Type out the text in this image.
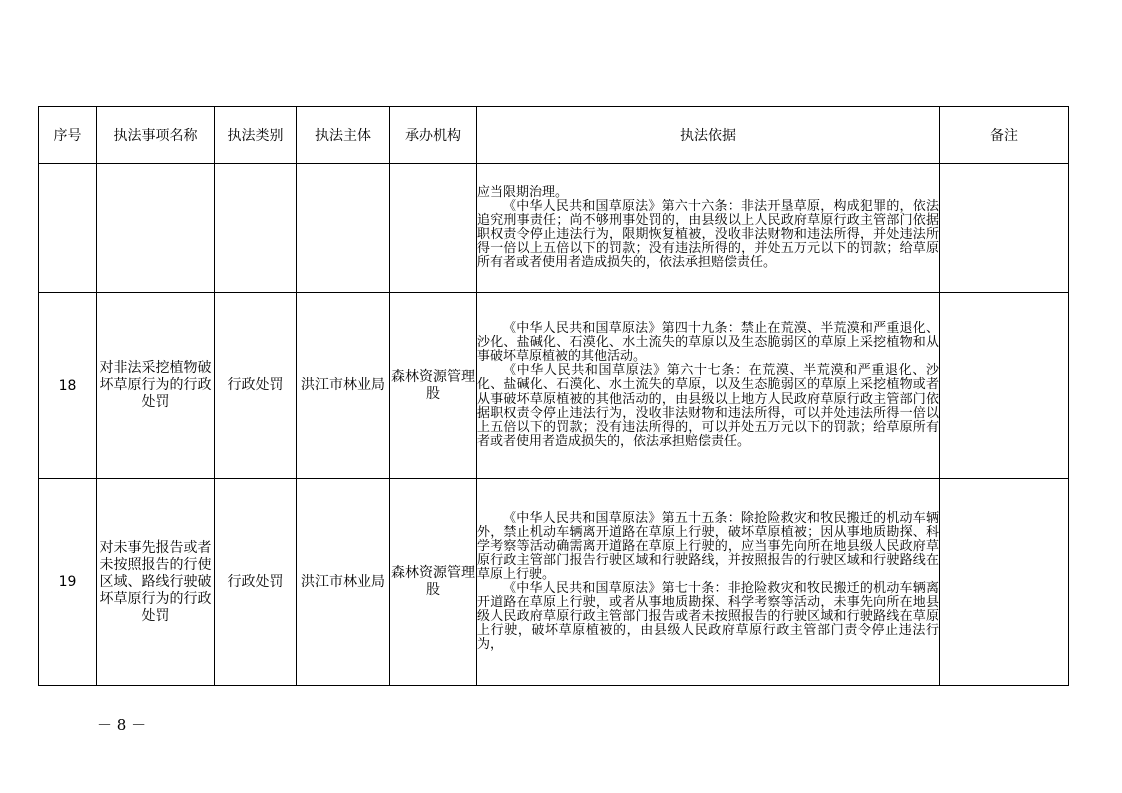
序号	执法事项名称	执法类别	执法主体	承办机构	执法依据	备注

					应当限期治理。

《中华人民共和国草原法》第六十六条：非法开垦草原，构成犯罪的，依法追究刑事责任；尚不够刑事处罚的，由县级以上人民政府草原行政主管部门依据职权责令停止违法行为，限期恢复植被，没收非法财物和违法所得，并处违法所得一倍以上五倍以下的罚款；没有违法所得的，并处五万元以下的罚款；给草原所有者或者使用者造成损失的，依法承担赔偿责任。	

18	对非法采挖植物破坏草原行为的行政处罚	行政处罚	洪江市林业局	森林资源管理股	《中华人民共和国草原法》第四十九条：禁止在荒漠、半荒漠和严重退化、沙化、盐碱化、石漠化、水土流失的草原以及生态脆弱区的草原上采挖植物和从事破坏草原植被的其他活动。

《中华人民共和国草原法》第六十七条：在荒漠、半荒漠和严重退化、沙化、盐碱化、石漠化、水土流失的草原，以及生态脆弱区的草原上采挖植物或者从事破坏草原植被的其他活动的，由县级以上地方人民政府草原行政主管部门依据职权责令停止违法行为，没收非法财物和违法所得，可以并处违法所得一倍以上五倍以下的罚款；没有违法所得的，可以并处五万元以下的罚款；给草原所有者或者使用者造成损失的，依法承担赔偿责任。	

19	对未事先报告或者未按照报告的行使区域、路线行驶破坏草原行为的行政处罚	行政处罚	洪江市林业局	森林资源管理股	《中华人民共和国草原法》第五十五条：除抢险救灾和牧民搬迁的机动车辆外，禁止机动车辆离开道路在草原上行驶，破坏草原植被；因从事地质勘探、科学考察等活动确需离开道路在草原上行驶的，应当事先向所在地县级人民政府草原行政主管部门报告行驶区域和行驶路线，并按照报告的行驶区域和行驶路线在草原上行驶。

《中华人民共和国草原法》第七十条：非抢险救灾和牧民搬迁的机动车辆离开道路在草原上行驶，或者从事地质勘探、科学考察等活动，未事先向所在地县级人民政府草原行政主管部门报告或者未按照报告的行驶区域和行驶路线在草原上行驶，破坏草原植被的，由县级人民政府草原行政主管部门责令停止违法行为，	

－ 8 －
